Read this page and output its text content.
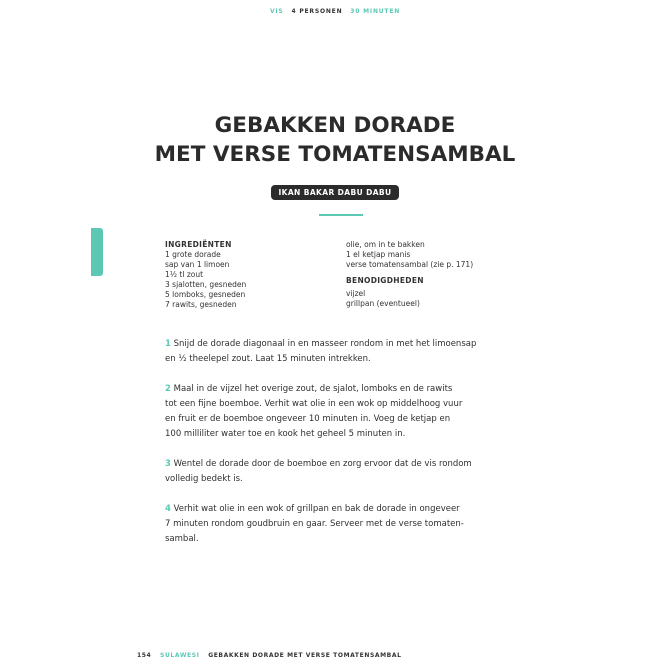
VIS 4 PERSONEN 30 MINUTEN
GEBAKKEN DORADE
MET VERSE TOMATENSAMBAL
IKAN BAKAR DABU DABU
INGREDIËNTEN
1 grote dorade
sap van 1 limoen
1½ tl zout
3 sjalotten, gesneden
5 lomboks, gesneden
7 rawits, gesneden
olie, om in te bakken
1 el ketjap manis
verse tomatensambal (zie p. 171)
BENODIGDHEDEN
vijzel
grillpan (eventueel)
1 Snijd de dorade diagonaal in en masseer rondom in met het limoensap
en ½ theelepel zout. Laat 15 minuten intrekken.
2 Maal in de vijzel het overige zout, de sjalot, lomboks en de rawits
tot een fijne boemboe. Verhit wat olie in een wok op middelhoog vuur
en fruit er de boemboe ongeveer 10 minuten in. Voeg de ketjap en
100 milliliter water toe en kook het geheel 5 minuten in.
3 Wentel de dorade door de boemboe en zorg ervoor dat de vis rondom
volledig bedekt is.
4 Verhit wat olie in een wok of grillpan en bak de dorade in ongeveer
7 minuten rondom goudbruin en gaar. Serveer met de verse tomaten-
sambal.
154 SULAWESI GEBAKKEN DORADE MET VERSE TOMATENSAMBAL
